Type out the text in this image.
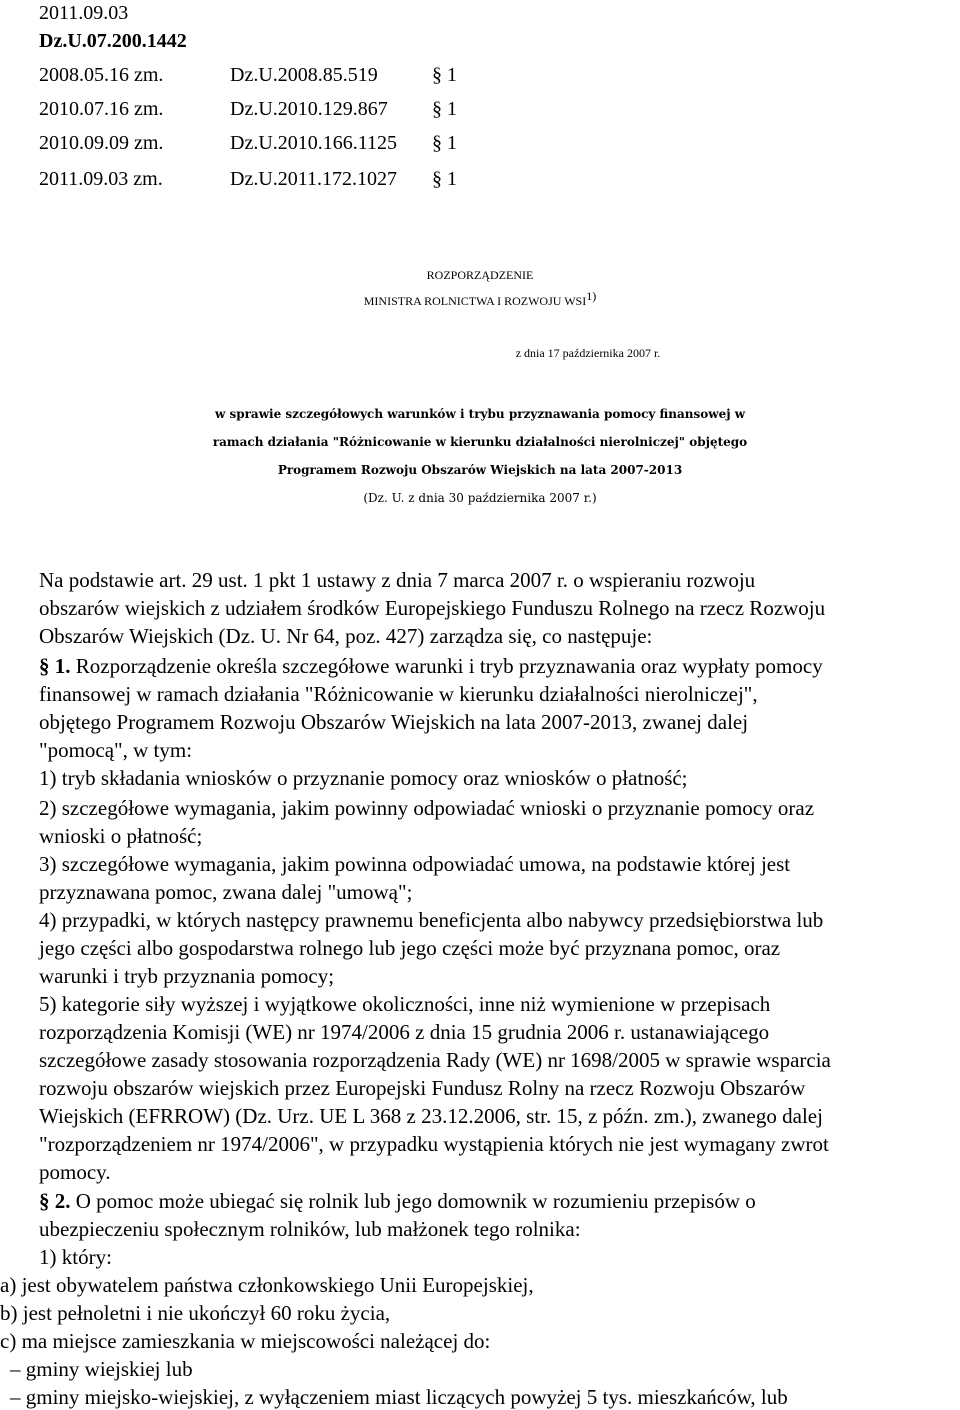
2011.09.03
Dz.U.07.200.1442
2008.05.16 zm.	Dz.U.2008.85.519	§ 1
2010.07.16 zm.	Dz.U.2010.129.867 § 1
2010.09.09 zm.	Dz.U.2010.166.1125 § 1
2011.09.03 zm.	Dz.U.2011.172.1027 § 1
ROZPORZĄDZENIE
MINISTRA ROLNICTWA I ROZWOJU WSI$^{1)}$
z dnia 17 października 2007 r.
w sprawie szczegółowych warunków i trybu przyznawania pomocy finansowej w
ramach działania "Różnicowanie w kierunku działalności nierolniczej" objętego
Programem Rozwoju Obszarów Wiejskich na lata 2007-2013
(Dz. U. z dnia 30 października 2007 r.)
Na podstawie art. 29 ust. 1 pkt 1 ustawy z dnia 7 marca 2007 r. o wspieraniu rozwoju
obszarów wiejskich z udziałem środków Europejskiego Funduszu Rolnego na rzecz Rozwoju
Obszarów Wiejskich (Dz. U. Nr 64, poz. 427) zarządza się, co następuje:
§ 1. Rozporządzenie określa szczegółowe warunki i tryb przyznawania oraz wypłaty pomocy
finansowej w ramach działania "Różnicowanie w kierunku działalności nierolniczej",
objętego Programem Rozwoju Obszarów Wiejskich na lata 2007-2013, zwanej dalej
"pomocą", w tym:
1) tryb składania wniosków o przyznanie pomocy oraz wniosków o płatność;
2) szczegółowe wymagania, jakim powinny odpowiadać wnioski o przyznanie pomocy oraz
wnioski o płatność;
3) szczegółowe wymagania, jakim powinna odpowiadać umowa, na podstawie której jest
przyznawana pomoc, zwana dalej "umową";
4) przypadki, w których następcy prawnemu beneficjenta albo nabywcy przedsiębiorstwa lub
jego części albo gospodarstwa rolnego lub jego części może być przyznana pomoc, oraz
warunki i tryb przyznania pomocy;
5) kategorie siły wyższej i wyjątkowe okoliczności, inne niż wymienione w przepisach
rozporządzenia Komisji (WE) nr 1974/2006 z dnia 15 grudnia 2006 r. ustanawiającego
szczegółowe zasady stosowania rozporządzenia Rady (WE) nr 1698/2005 w sprawie wsparcia
rozwoju obszarów wiejskich przez Europejski Fundusz Rolny na rzecz Rozwoju Obszarów
Wiejskich (EFRROW) (Dz. Urz. UE L 368 z 23.12.2006, str. 15, z późn. zm.), zwanego dalej
"rozporządzeniem nr 1974/2006", w przypadku wystąpienia których nie jest wymagany zwrot
pomocy.
§ 2. O pomoc może ubiegać się rolnik lub jego domownik w rozumieniu przepisów o
ubezpieczeniu społecznym rolników, lub małżonek tego rolnika:
1) który:
a) jest obywatelem państwa członkowskiego Unii Europejskiej,
b) jest pełnoletni i nie ukończył 60 roku życia,
c) ma miejsce zamieszkania w miejscowości należącej do:
– gminy wiejskiej lub
– gminy miejsko-wiejskiej, z wyłączeniem miast liczących powyżej 5 tys. mieszkańców, lub
